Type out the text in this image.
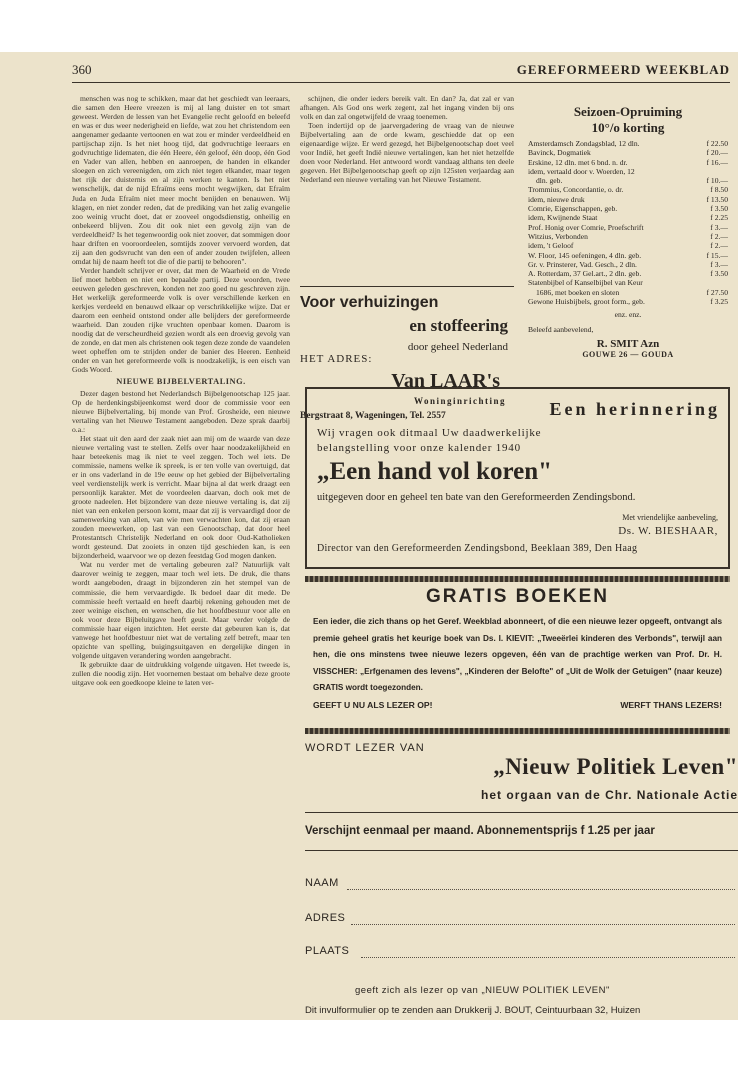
360	GEREFORMEERD WEEKBLAD

menschen was nog te schikken, maar dat het geschiedt van leeraars, die samen den Heere vreezen is mij al lang duister en tot smart geweest. Werden de lessen van het Evangelie recht geloofd en beleefd en was er dus weer nederigheid en liefde, wat zou het christendom een aangenamer gedaante vertoonen en wat zou er minder verdeeldheid en partijschap zijn. Is het niet hoog tijd, dat godvruchtige leeraars en godvruchtige lidematen, die één Heere, één geloof, één doop, één God en Vader van allen, hebben en aanroepen, de handen in elkander sloegen en zich vereenigden, om zich niet tegen elkander, maar tegen het rijk der duisternis en al zijn werken te kanten. Is het niet wenschelijk, dat de nijd Efraïms eens mocht wegwijken, dat Efraïm Juda en Juda Efraïm niet meer mocht benijden en benauwen. Wij klagen, en niet zonder reden, dat de prediking van het zalig evangelie zoo weinig vrucht doet, dat er zooveel ongodsdienstig, onheilig en onbekeerd blijven. Zou dit ook niet een gevolg zijn van de verdeeldheid? Is het tegenwoordig ook niet zoover, dat sommigen door haar driften en vooroordeelen, somtijds zoover vervoerd worden, dat zij aan den godsvrucht van den een of ander zouden twijfelen, alleen omdat hij de naam heeft tot die of die partij te behooren".

Verder handelt schrijver er over, dat men de Waarheid en de Vrede lief moet hebben en niet een bepaalde partij. Deze woorden, twee eeuwen geleden geschreven, konden net zoo goed nu geschreven zijn. Het werkelijk gereformeerde volk is over verschillende kerken en kerkjes verdeeld en benauwd elkaar op verschrikkelijke wijze. Dat er daarom een eenheid ontstond onder alle belijders der gereformeerde waarheid. Dan zouden rijke vruchten openbaar komen. Daarom is noodig dat de verscheurdheid gezien wordt als een droevig gevolg van de zonde, en dat men als christenen ook tegen deze zonde de vaandelen weet opheffen om te strijden onder de banier des Heeren. Eenheid onder en van het gereformeerde volk is noodzakelijk, is een eisch van Gods Woord.

NIEUWE BIJBELVERTALING.

Dezer dagen bestond het Nederlandsch Bijbelgenootschap 125 jaar. Op de herdenkingsbijeenkomst werd door de commissie voor een nieuwe Bijbelvertaling, bij monde van Prof. Grosheide, een nieuwe vertaling van het Nieuwe Testament aangeboden. Deze sprak daarbij o.a.:

Het staat uit den aard der zaak niet aan mij om de waarde van deze nieuwe vertaling vast te stellen. Zelfs over haar noodzakelijkheid en haar beteekenis mag ik niet te veel zeggen. Toch wel iets. De commissie, namens welke ik spreek, is er ten volle van overtuigd, dat er in ons vaderland in de 19e eeuw op het gebied der Bijbelvertaling veel verdienstelijk werk is verricht. Maar bijna al dat werk draagt een persoonlijk karakter. Met de voordeelen daarvan, doch ook met de groote nadeelen. Het bijzondere van deze nieuwe vertaling is, dat zij niet van een enkelen persoon komt, maar dat zij is vervaardigd door de samenwerking van allen, van wie men verwachten kon, dat zij eraan zouden meewerken, op last van een Genootschap, dat door heel Protestantsch Christelijk Nederland en ook door Oud-Katholieken wordt gesteund. Dat zooiets in onzen tijd geschieden kan, is een bijzonderheid, waarvoor we op dezen feestdag God mogen danken.

Wat nu verder met de vertaling gebeuren zal? Natuurlijk valt daarover weinig te zeggen, maar toch wel iets. De druk, die thans wordt aangeboden, draagt in bijzonderen zin het stempel van de commissie, die hem vervaardigde. Ik bedoel daar dit mede. De commissie heeft vertaald en heeft daarbij rekening gehouden met de zeer weinige eischen, en wenschen, die het hoofdbestuur voor alle en ook voor deze Bijbeluitgave heeft geuit. Maar verder volgde de commissie haar eigen inzichten. Het eerste dat gebeuren kan is, dat vanwege het hoofdbestuur niet wat de vertaling zelf betreft, maar ten opzichte van spelling, buigingsuitgaven en dergelijke dingen in volgende uitgaven verandering worden aangebracht.

Ik gebruikte daar de uitdrukking volgende uitgaven. Het tweede is, zullen die noodig zijn. Het voornemen bestaat om behalve deze groote uitgave ook een goedkoope kleine te laten ver-

schijnen, die onder ieders bereik valt. En dan? Ja, dat zal er van afhangen. Als God ons werk zegent, zal het ingang vinden bij ons volk en dan zal ongetwijfeld de vraag toenemen.

Toen indertijd op de jaarvergadering de vraag van de nieuwe Bijbelvertaling aan de orde kwam, geschiedde dat op een eigenaardige wijze. Er werd gezegd, het Bijbelgenootschap doet veel voor Indië, het geeft Indië nieuwe vertalingen, kan het niet hetzelfde doen voor Nederland. Het antwoord wordt vandaag althans ten deele gegeven. Het Bijbelgenootschap geeft op zijn 125sten verjaardag aan Nederland een nieuwe vertaling van het Nieuwe Testament.

Voor verhuizingen
en stoffeering
door geheel Nederland
HET ADRES:
Van LAAR's
Woninginrichting
Bergstraat 8, Wageningen, Tel. 2557
Seizoen-Opruiming
10°/o korting
Amsterdamsch Zondagsblad, 12 dln.	f 22.50
Bavinck, Dogmatiek	f 20.—
Erskine, 12 dln. met 6 bnd. n. dr.	f 16.—
idem, vertaald door v. Woerden, 12
dln. geb.	f 10.—
Trommius, Concordantie, o. dr.	f 8.50
idem, nieuwe druk	f 13.50
Comrie, Eigenschappen, geb.	f 3.50
idem, Kwijnende Staat	f 2.25
Prof. Honig over Comrie, Proefschrift	f 3.—
Witzius, Verbonden	f 2.—
idem, 't Geloof	f 2.—
W. Floor, 145 oefeningen, 4 dln. geb.	f 15.—
Gr. v. Prinsterer, Vad. Gesch., 2 dln.	f 3.—
A. Rotterdam, 37 Gel.art., 2 dln. geb.	f 3.50
Statenbijbel of Kanselbijbel van Keur
1686, met boeken en sloten	f 27.50
Gewone Huisbijbels, groot form., geb.	f 3.25
enz. enz.
Beleefd aanbevelend,
R. SMIT Azn
GOUWE 26 — GOUDA
Een herinnering
Wij vragen ook ditmaal Uw daadwerkelijke
belangstelling voor onze kalender 1940
„Een hand vol koren"
uitgegeven door en geheel ten bate van den Gereformeerden Zendingsbond.
Met vriendelijke aanbeveling,
Ds. W. BIESHAAR,
Director van den Gereformeerden Zendingsbond, Beeklaan 389, Den Haag
GRATIS BOEKEN
Een ieder, die zich thans op het Geref. Weekblad abonneert, of die een nieuwe lezer opgeeft, ontvangt als premie geheel gratis het keurige boek van Ds. I. KIEVIT: „Tweeërlei kinderen des Verbonds", terwijl aan hen, die ons minstens twee nieuwe lezers opgeven, één van de prachtige werken van Prof. Dr. H. VISSCHER: „Erfgenamen des levens", „Kinderen der Belofte" of „Uit de Wolk der Getuigen" (naar keuze) GRATIS wordt toegezonden.
GEEFT U NU ALS LEZER OP!	WERFT THANS LEZERS!
WORDT LEZER VAN
„Nieuw Politiek Leven"
het orgaan van de Chr. Nationale Actie
Verschijnt eenmaal per maand. Abonnementsprijs f 1.25 per jaar
NAAM
ADRES
PLAATS
geeft zich als lezer op van „NIEUW POLITIEK LEVEN"
Dit invulformulier op te zenden aan Drukkerij J. BOUT, Ceintuurbaan 32, Huizen
